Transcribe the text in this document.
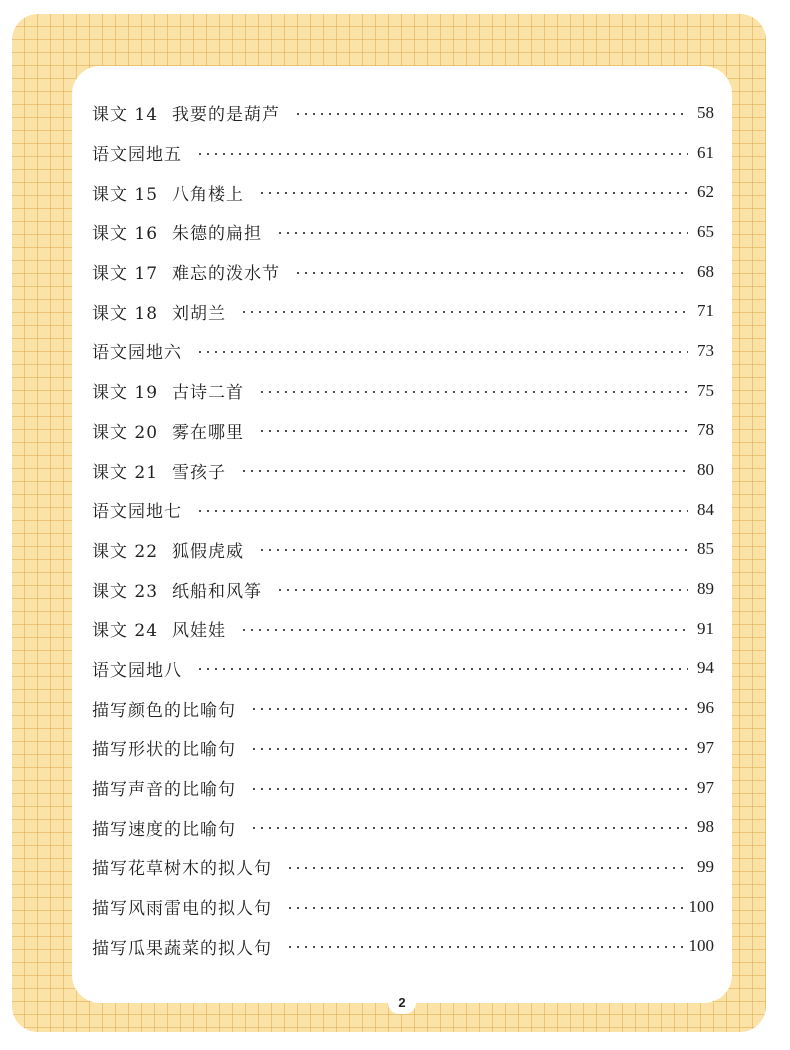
课文 14 我要的是葫芦	58
语文园地五	61
课文 15 八角楼上	62
课文 16 朱德的扁担	65
课文 17 难忘的泼水节	68
课文 18 刘胡兰	71
语文园地六	73
课文 19 古诗二首	75
课文 20 雾在哪里	78
课文 21 雪孩子	80
语文园地七	84
课文 22 狐假虎威	85
课文 23 纸船和风筝	89
课文 24 风娃娃	91
语文园地八	94
描写颜色的比喻句	96
描写形状的比喻句	97
描写声音的比喻句	97
描写速度的比喻句	98
描写花草树木的拟人句	99
描写风雨雷电的拟人句	100
描写瓜果蔬菜的拟人句	100
2
